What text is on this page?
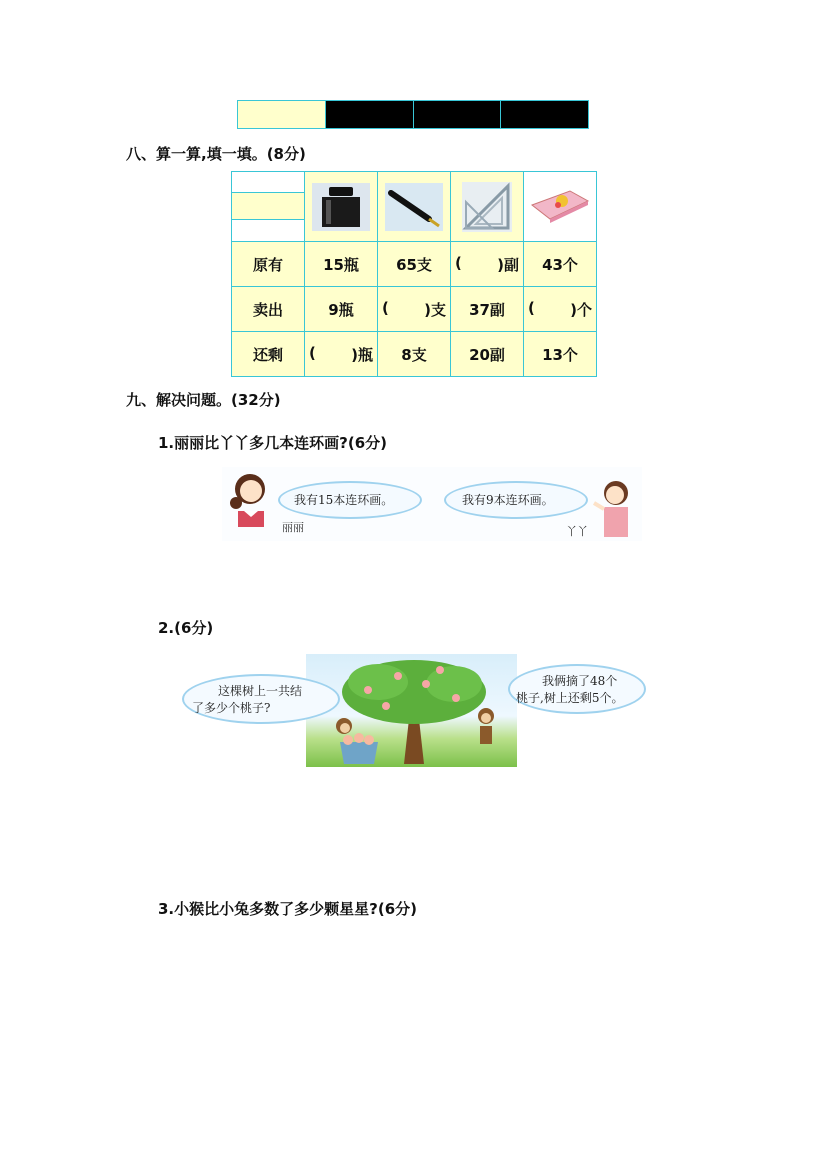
八、算一算,填一填。(8分)

原有	15瓶	65支	( )副	43个
卖出	9瓶	( )支	37副	( )个

还剩	( )瓶	8支	20副	13个
九、解决问题。(32分)
1.丽丽比丫丫多几本连环画?(6分)
丽丽
我有15本连环画。	我有9本连环画。
丫丫
2.(6分)
这棵树上一共结
了多少个桃子?
我俩摘了48个
桃子,树上还剩5个。
3.小猴比小兔多数了多少颗星星?(6分)
